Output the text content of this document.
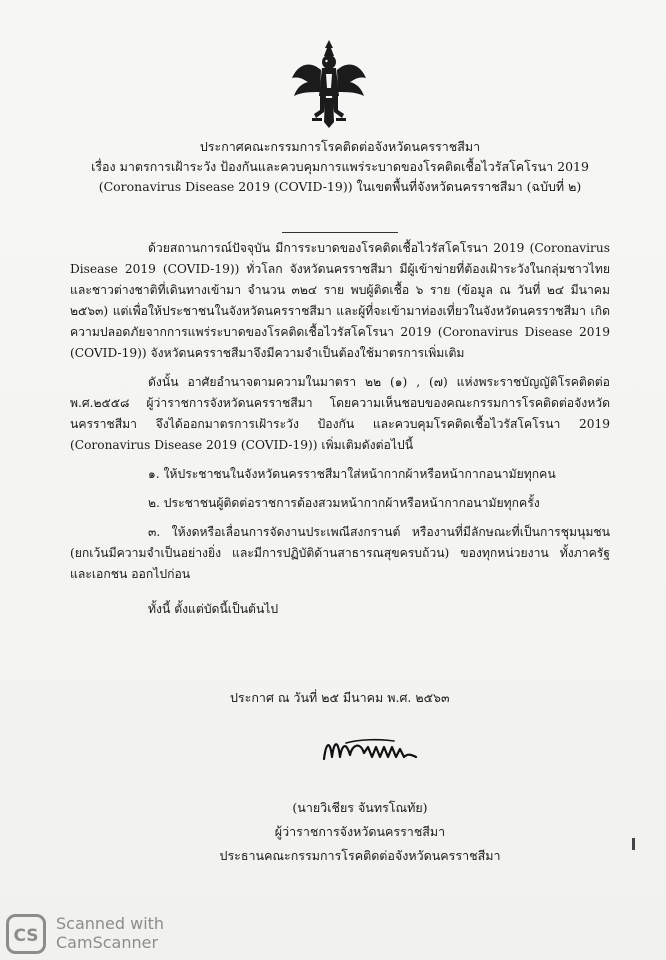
ประกาศคณะกรรมการโรคติดต่อจังหวัดนครราชสีมา
เรื่อง มาตรการเฝ้าระวัง ป้องกันและควบคุมการแพร่ระบาดของโรคติดเชื้อไวรัสโคโรนา 2019
(Coronavirus Disease 2019 (COVID-19)) ในเขตพื้นที่จังหวัดนครราชสีมา (ฉบับที่ ๒)

ด้วยสถานการณ์ปัจจุบัน มีการระบาดของโรคติดเชื้อไวรัสโคโรนา 2019 (Coronavirus Disease 2019 (COVID-19)) ทั่วโลก จังหวัดนครราชสีมา มีผู้เข้าข่ายที่ต้องเฝ้าระวังในกลุ่มชาวไทยและชาวต่างชาติที่เดินทางเข้ามา จำนวน ๓๒๔ ราย พบผู้ติดเชื้อ ๖ ราย (ข้อมูล ณ วันที่ ๒๔ มีนาคม ๒๕๖๓) แต่เพื่อให้ประชาชนในจังหวัดนครราชสีมา และผู้ที่จะเข้ามาท่องเที่ยวในจังหวัดนครราชสีมา เกิดความปลอดภัยจากการแพร่ระบาดของโรคติดเชื้อไวรัสโคโรนา 2019 (Coronavirus Disease 2019 (COVID-19)) จังหวัดนครราชสีมาจึงมีความจำเป็นต้องใช้มาตรการเพิ่มเติม

ดังนั้น อาศัยอำนาจตามความในมาตรา ๒๒ (๑) , (๗) แห่งพระราชบัญญัติโรคติดต่อ พ.ศ.๒๕๕๘ ผู้ว่าราชการจังหวัดนครราชสีมา โดยความเห็นชอบของคณะกรรมการโรคติดต่อจังหวัดนครราชสีมา จึงได้ออกมาตรการเฝ้าระวัง ป้องกัน และควบคุมโรคติดเชื้อไวรัสโคโรนา 2019 (Coronavirus Disease 2019 (COVID-19)) เพิ่มเติมดังต่อไปนี้

๑. ให้ประชาชนในจังหวัดนครราชสีมาใส่หน้ากากผ้าหรือหน้ากากอนามัยทุกคน

๒. ประชาชนผู้ติดต่อราชการต้องสวมหน้ากากผ้าหรือหน้ากากอนามัยทุกครั้ง

๓. ให้งดหรือเลื่อนการจัดงานประเพณีสงกรานต์ หรืองานที่มีลักษณะที่เป็นการชุมนุมชน (ยกเว้นมีความจำเป็นอย่างยิ่ง และมีการปฏิบัติด้านสาธารณสุขครบถ้วน) ของทุกหน่วยงาน ทั้งภาครัฐและเอกชน ออกไปก่อน

ทั้งนี้ ตั้งแต่บัดนี้เป็นต้นไป
ประกาศ ณ วันที่ ๒๕ มีนาคม พ.ศ. ๒๕๖๓
(นายวิเชียร จันทรโณทัย)
ผู้ว่าราชการจังหวัดนครราชสีมา
ประธานคณะกรรมการโรคติดต่อจังหวัดนครราชสีมา
CS
Scanned with
CamScanner
